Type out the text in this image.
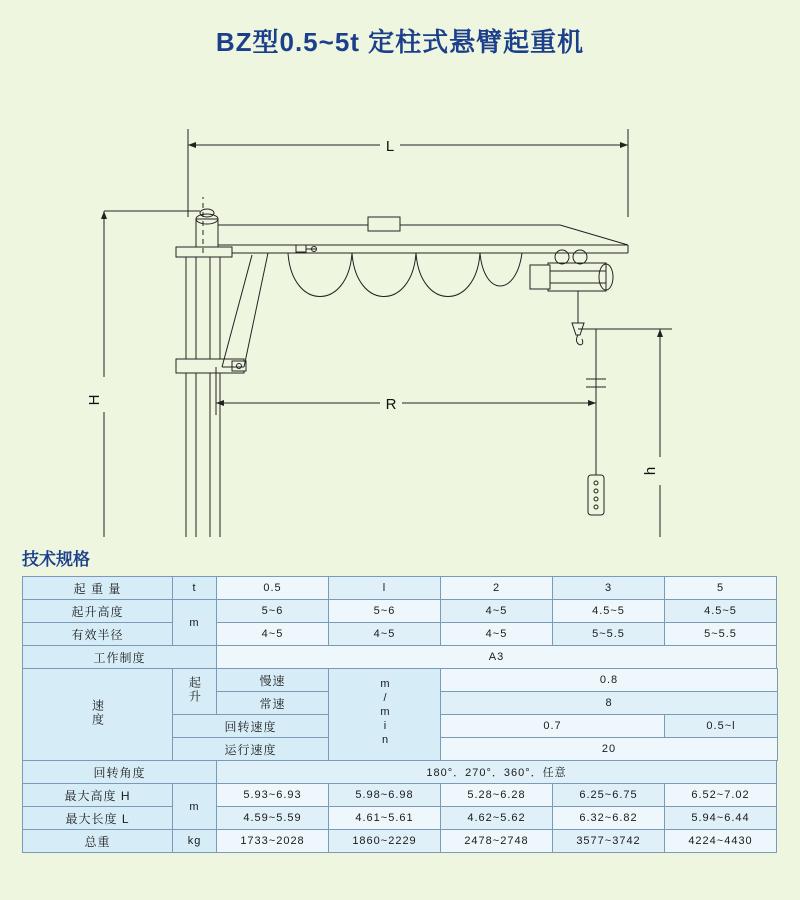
BZ型0.5~5t 定柱式悬臂起重机
L
R
H
h
技术规格
起 重 量	t	0.5	l	2	3	5
起升高度	m	5~6	5~6	4~5	4.5~5	4.5~5
有效半径		4~5	4~5	4~5	5~5.5	5~5.5
工作制度		A3				
速度	起升	慢速	m/min	0.8		
		常速		8		
	回转速度			0.7		0.5~l
	运行速度			20		
回转角度		180°．270°．360°．任意				
最大高度 H	m	5.93~6.93	5.98~6.98	5.28~6.28	6.25~6.75	6.52~7.02
最大长度 L		4.59~5.59	4.61~5.61	4.62~5.62	6.32~6.82	5.94~6.44
总重	kg	1733~2028	1860~2229	2478~2748	3577~3742	4224~4430
